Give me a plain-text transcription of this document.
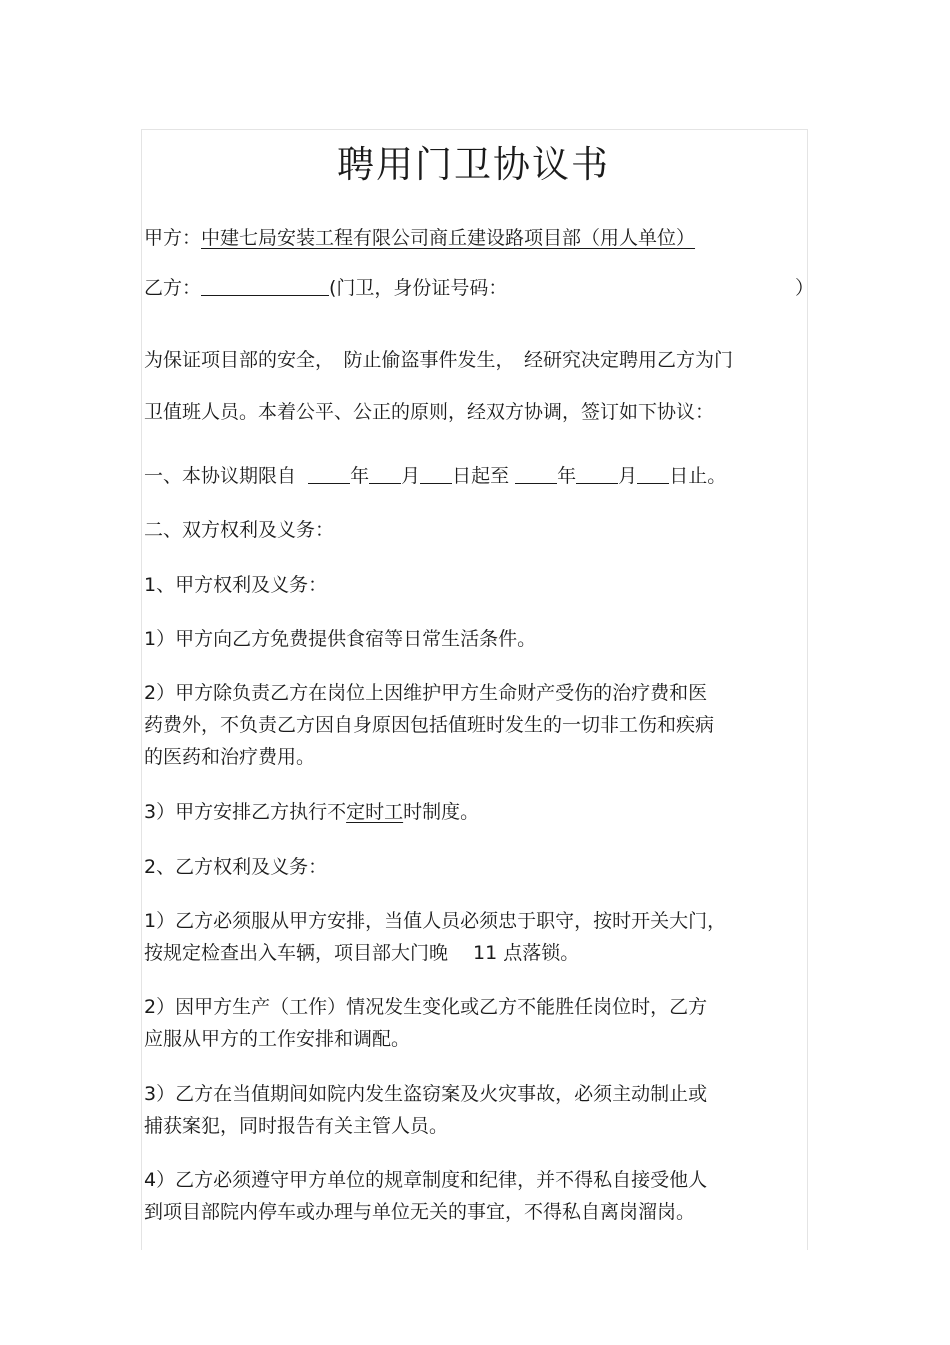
聘用门卫协议书
甲方：中建七局安装工程有限公司商丘建设路项目部（用人单位）
乙方：	(门卫，身份证号码：	）
为保证项目部的安全，　防止偷盗事件发生，　经研究决定聘用乙方为门
卫值班人员。本着公平、公正的原则，经双方协调，签订如下协议：
一、本协议期限自	年 月 日起至	年 月 日止。
二、双方权利及义务：
1、甲方权利及义务：
1）甲方向乙方免费提供食宿等日常生活条件。
2）甲方除负责乙方在岗位上因维护甲方生命财产受伤的治疗费和医
药费外，不负责乙方因自身原因包括值班时发生的一切非工伤和疾病
的医药和治疗费用。
3）甲方安排乙方执行不定时工时制度。
2、乙方权利及义务：
1）乙方必须服从甲方安排，当值人员必须忠于职守，按时开关大门，
按规定检查出入车辆，项目部大门晚　 11 点落锁。
2）因甲方生产（工作）情况发生变化或乙方不能胜任岗位时，乙方
应服从甲方的工作安排和调配。
3）乙方在当值期间如院内发生盗窃案及火灾事故，必须主动制止或
捕获案犯，同时报告有关主管人员。
4）乙方必须遵守甲方单位的规章制度和纪律，并不得私自接受他人
到项目部院内停车或办理与单位无关的事宜，不得私自离岗溜岗。
